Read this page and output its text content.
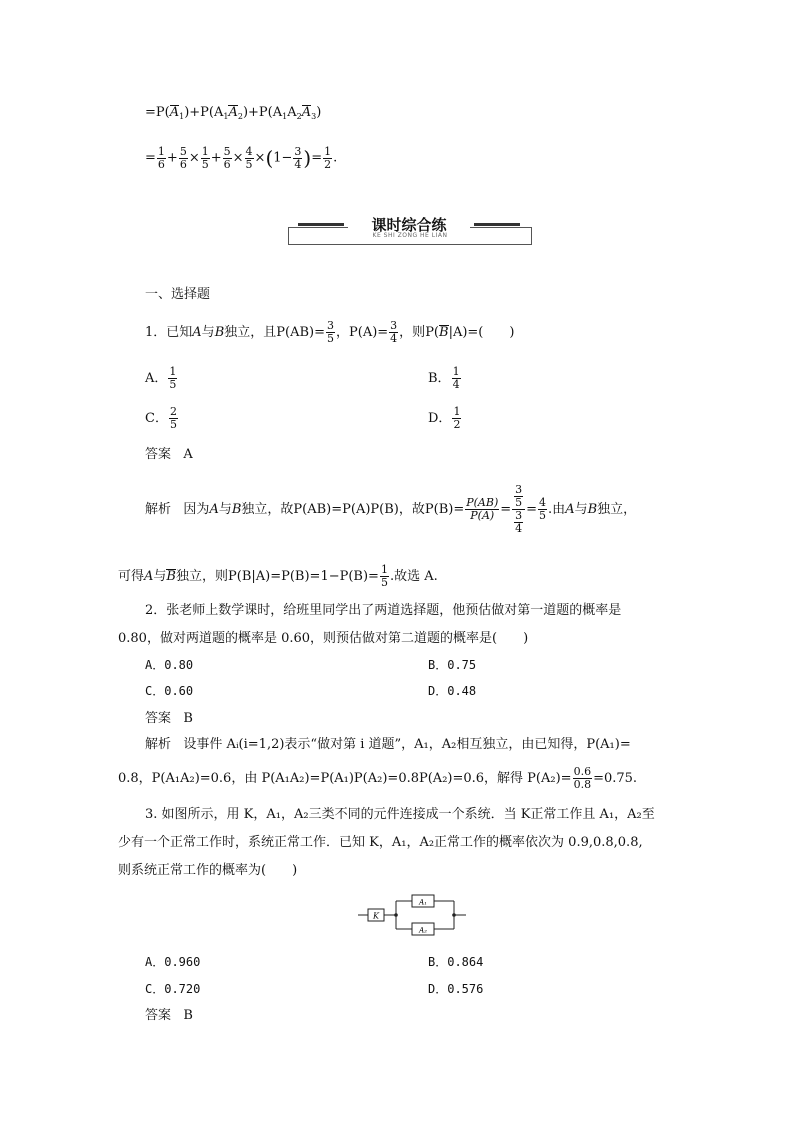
$=P(A_1)+P(A_1A_2)+P(A_1A_2A_3)$
= $\frac{1}{6} + \frac{5}{6} \times \frac{1}{5} + \frac{5}{6} \times \frac{4}{5} \times(1- \frac{3}{4}$ )= $\frac{1}{2}$ .
课时综合练
KE SHI ZONG HE LIAN
一、选择题
1．已知A与B独立，且$P(AB)= \frac{3}{5}$ ，$P(A)= \frac{3}{4}$ ，则P(B|A)=(　　)
A． $\frac{1}{5}$	B． $\frac{1}{4}$
C． $\frac{2}{5}$	D． $\frac{1}{2}$
答案 A
解析 因为A与B独立，故P(AB)=P(A)P(B)，故$P(B)= \frac{P(AB)}{P(A)} = \frac{\frac{3}{5}}{\frac{3}{4}} = \frac{4}{5}$ .由A与B独立，
可得A与B独立，则$P(B|A)=P(B)=1-P(B)= \frac{1}{5}$ .故选 A.
2．张老师上数学课时，给班里同学出了两道选择题，他预估做对第一道题的概率是
0.80，做对两道题的概率是 0.60，则预估做对第二道题的概率是(　　)
A．0.80	B．0.75
C．0.60	D．0.48
答案 B
解析 设事件 Aᵢ(i=1,2)表示“做对第 i 道题”，A₁，A₂相互独立，由已知得，P(A₁)=
0.8，P(A₁A₂)=0.6，由 P(A₁A₂)=P(A₁)P(A₂)=0.8P(A₂)=0.6，解得 $P(A_2)= \frac{0.6}{0.8} =0.75$.
3. 如图所示，用 K，A₁，A₂三类不同的元件连接成一个系统．当 K正常工作且 A₁，A₂至
少有一个正常工作时，系统正常工作．已知 K，A₁，A₂正常工作的概率依次为 0.9,0.8,0.8,
则系统正常工作的概率为(　　)
K
A₁
A₂
A．0.960	B．0.864
C．0.720	D．0.576
答案 B
